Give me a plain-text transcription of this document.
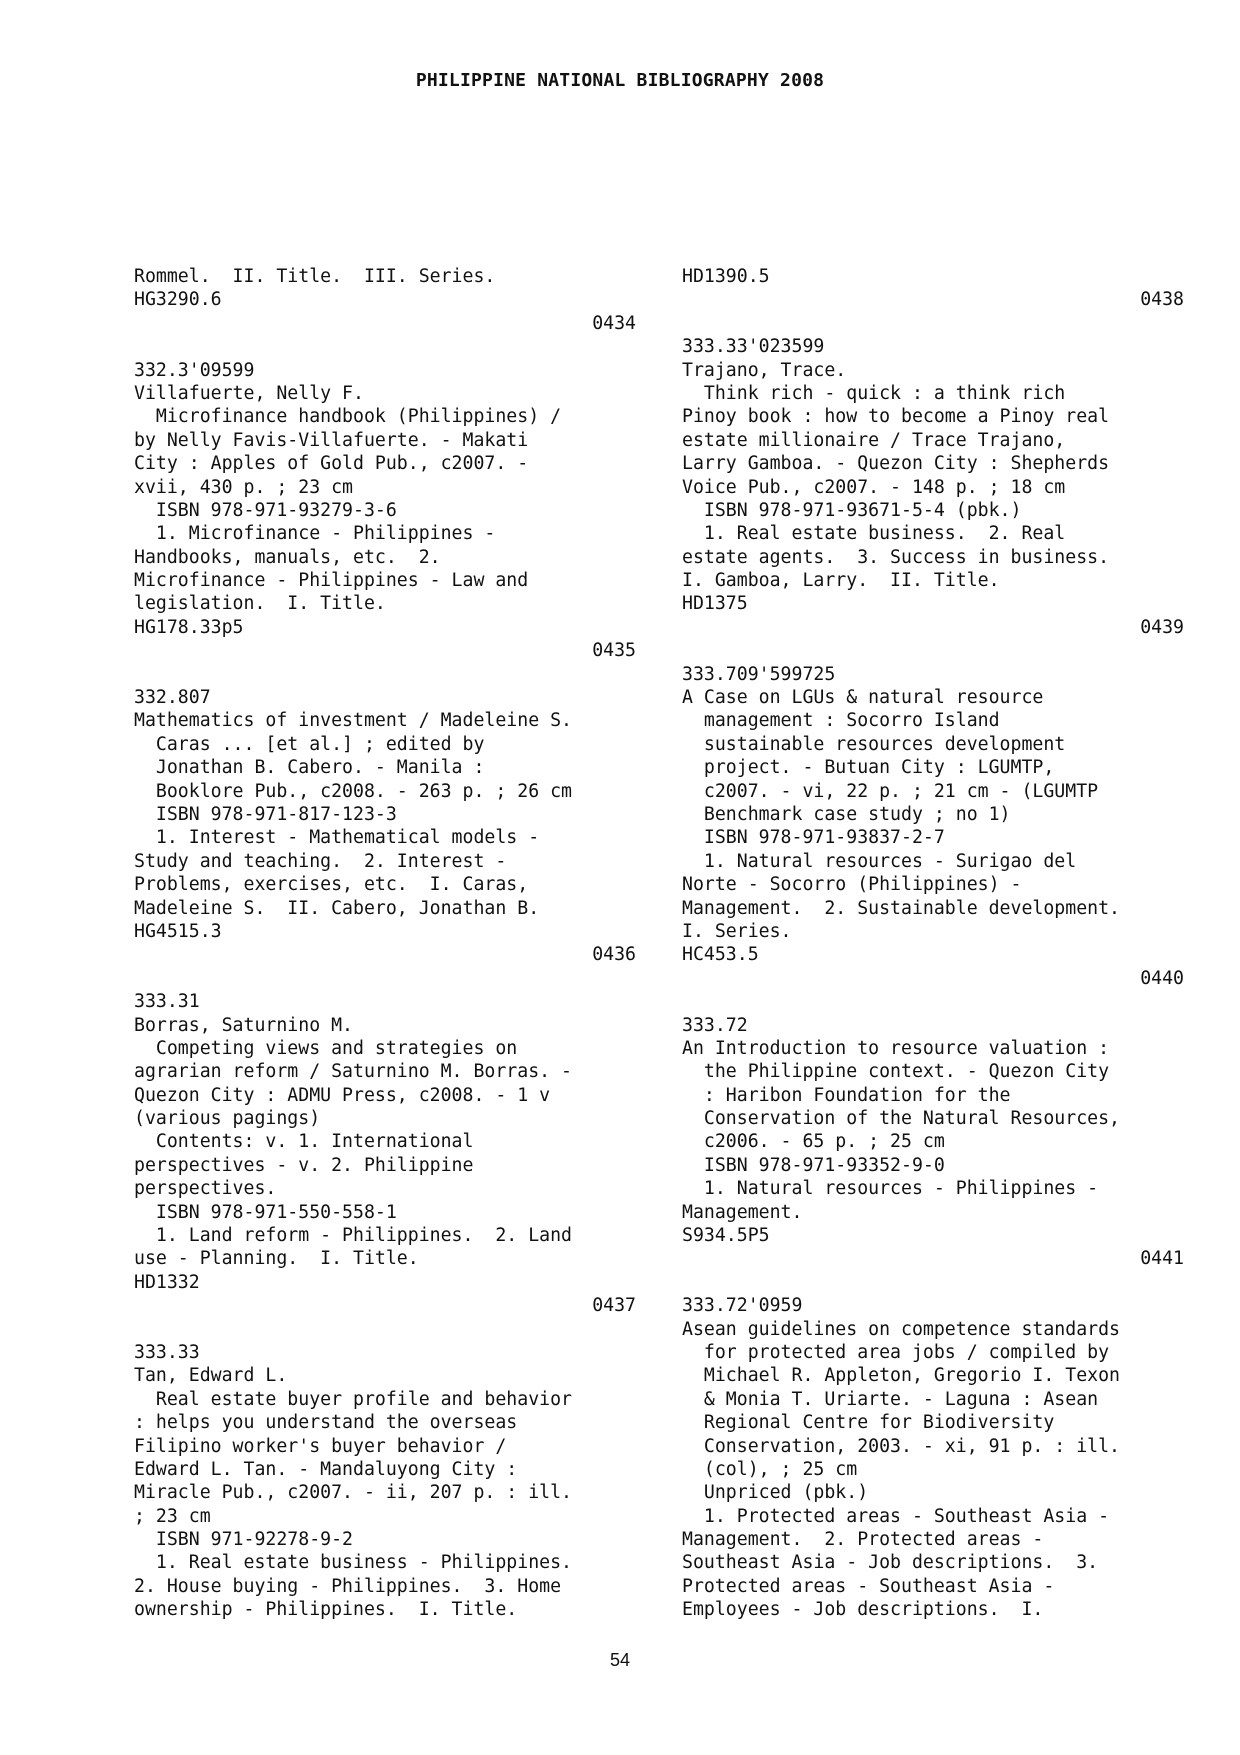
PHILIPPINE NATIONAL BIBLIOGRAPHY 2008
Rommel.  II. Title.  III. Series.
HG3290.6
0434
332.3'09599
Villafuerte, Nelly F.
Microfinance handbook (Philippines) /
by Nelly Favis-Villafuerte. - Makati
City : Apples of Gold Pub., c2007. -
xvii, 430 p. ; 23 cm
ISBN 978-971-93279-3-6
1. Microfinance - Philippines -
Handbooks, manuals, etc.  2.
Microfinance - Philippines - Law and
legislation.  I. Title.
HG178.33p5
0435
332.807
Mathematics of investment / Madeleine S.
Caras ... [et al.] ; edited by
Jonathan B. Cabero. - Manila :
Booklore Pub., c2008. - 263 p. ; 26 cm
ISBN 978-971-817-123-3
1. Interest - Mathematical models -
Study and teaching.  2. Interest -
Problems, exercises, etc.  I. Caras,
Madeleine S.  II. Cabero, Jonathan B.
HG4515.3
0436
333.31
Borras, Saturnino M.
Competing views and strategies on
agrarian reform / Saturnino M. Borras. -
Quezon City : ADMU Press, c2008. - 1 v
(various pagings)
Contents: v. 1. International
perspectives - v. 2. Philippine
perspectives.
ISBN 978-971-550-558-1
1. Land reform - Philippines.  2. Land
use - Planning.  I. Title.
HD1332
0437
333.33
Tan, Edward L.
Real estate buyer profile and behavior
: helps you understand the overseas
Filipino worker's buyer behavior /
Edward L. Tan. - Mandaluyong City :
Miracle Pub., c2007. - ii, 207 p. : ill.
; 23 cm
ISBN 971-92278-9-2
1. Real estate business - Philippines.
2. House buying - Philippines.  3. Home
ownership - Philippines.  I. Title.
HD1390.5
0438
333.33'023599
Trajano, Trace.
Think rich - quick : a think rich
Pinoy book : how to become a Pinoy real
estate millionaire / Trace Trajano,
Larry Gamboa. - Quezon City : Shepherds
Voice Pub., c2007. - 148 p. ; 18 cm
ISBN 978-971-93671-5-4 (pbk.)
1. Real estate business.  2. Real
estate agents.  3. Success in business.
I. Gamboa, Larry.  II. Title.
HD1375
0439
333.709'599725
A Case on LGUs & natural resource
management : Socorro Island
sustainable resources development
project. - Butuan City : LGUMTP,
c2007. - vi, 22 p. ; 21 cm - (LGUMTP
Benchmark case study ; no 1)
ISBN 978-971-93837-2-7
1. Natural resources - Surigao del
Norte - Socorro (Philippines) -
Management.  2. Sustainable development.
I. Series.
HC453.5
0440
333.72
An Introduction to resource valuation :
the Philippine context. - Quezon City
: Haribon Foundation for the
Conservation of the Natural Resources,
c2006. - 65 p. ; 25 cm
ISBN 978-971-93352-9-0
1. Natural resources - Philippines -
Management.
S934.5P5
0441
333.72'0959
Asean guidelines on competence standards
for protected area jobs / compiled by
Michael R. Appleton, Gregorio I. Texon
& Monia T. Uriarte. - Laguna : Asean
Regional Centre for Biodiversity
Conservation, 2003. - xi, 91 p. : ill.
(col), ; 25 cm
Unpriced (pbk.)
1. Protected areas - Southeast Asia -
Management.  2. Protected areas -
Southeast Asia - Job descriptions.  3.
Protected areas - Southeast Asia -
Employees - Job descriptions.  I.
54
